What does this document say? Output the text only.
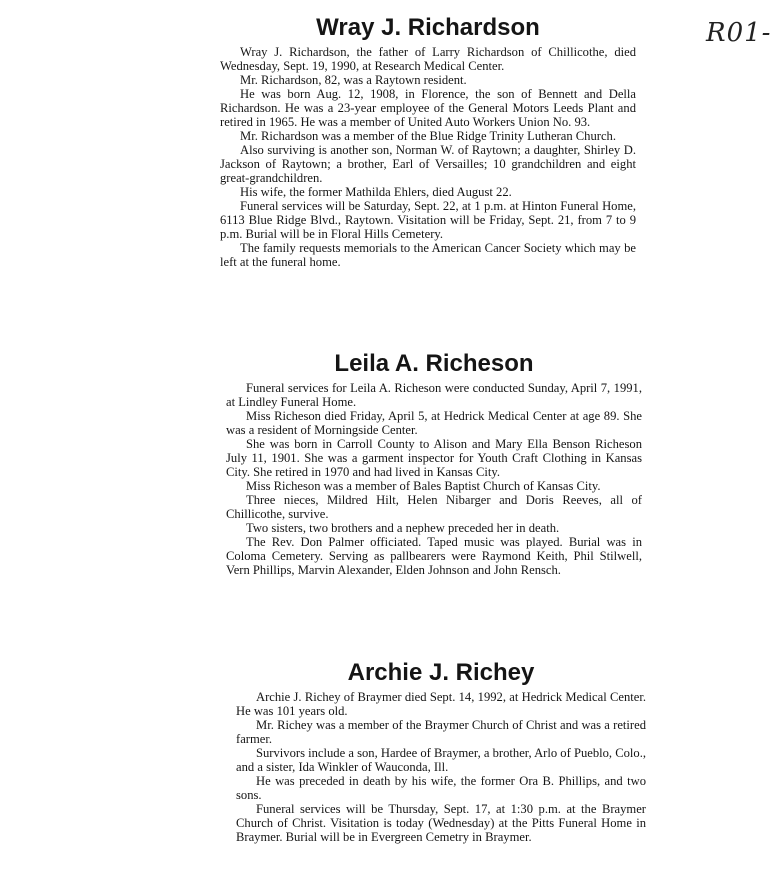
R01-
Wray J. Richardson

Wray J. Richardson, the father of Larry Richardson of Chillicothe, died Wednesday, Sept. 19, 1990, at Research Medical Center.

Mr. Richardson, 82, was a Raytown resident.

He was born Aug. 12, 1908, in Florence, the son of Bennett and Della Richardson. He was a 23-year employee of the General Motors Leeds Plant and retired in 1965. He was a member of United Auto Workers Union No. 93.

Mr. Richardson was a member of the Blue Ridge Trinity Lutheran Church.

Also surviving is another son, Norman W. of Raytown; a daughter, Shirley D. Jackson of Raytown; a brother, Earl of Versailles; 10 grandchildren and eight great-grandchildren.

His wife, the former Mathilda Ehlers, died August 22.

Funeral services will be Saturday, Sept. 22, at 1 p.m. at Hinton Funeral Home, 6113 Blue Ridge Blvd., Raytown. Visitation will be Friday, Sept. 21, from 7 to 9 p.m. Burial will be in Floral Hills Cemetery.

The family requests memorials to the American Cancer Society which may be left at the funeral home.

Leila A. Richeson

Funeral services for Leila A. Richeson were conducted Sunday, April 7, 1991, at Lindley Funeral Home.

Miss Richeson died Friday, April 5, at Hedrick Medical Center at age 89. She was a resident of Morningside Center.

She was born in Carroll County to Alison and Mary Ella Benson Richeson July 11, 1901. She was a garment inspector for Youth Craft Clothing in Kansas City. She retired in 1970 and had lived in Kansas City.

Miss Richeson was a member of Bales Baptist Church of Kansas City.

Three nieces, Mildred Hilt, Helen Nibarger and Doris Reeves, all of Chillicothe, survive.

Two sisters, two brothers and a nephew preceded her in death.

The Rev. Don Palmer officiated. Taped music was played. Burial was in Coloma Cemetery. Serving as pallbearers were Raymond Keith, Phil Stilwell, Vern Phillips, Marvin Alexander, Elden Johnson and John Rensch.

Archie J. Richey

Archie J. Richey of Braymer died Sept. 14, 1992, at Hedrick Medical Center. He was 101 years old.

Mr. Richey was a member of the Braymer Church of Christ and was a retired farmer.

Survivors include a son, Hardee of Braymer, a brother, Arlo of Pueblo, Colo., and a sister, Ida Winkler of Wauconda, Ill.

He was preceded in death by his wife, the former Ora B. Phillips, and two sons.

Funeral services will be Thursday, Sept. 17, at 1:30 p.m. at the Braymer Church of Christ. Visitation is today (Wednesday) at the Pitts Funeral Home in Braymer. Burial will be in Evergreen Cemetry in Braymer.
